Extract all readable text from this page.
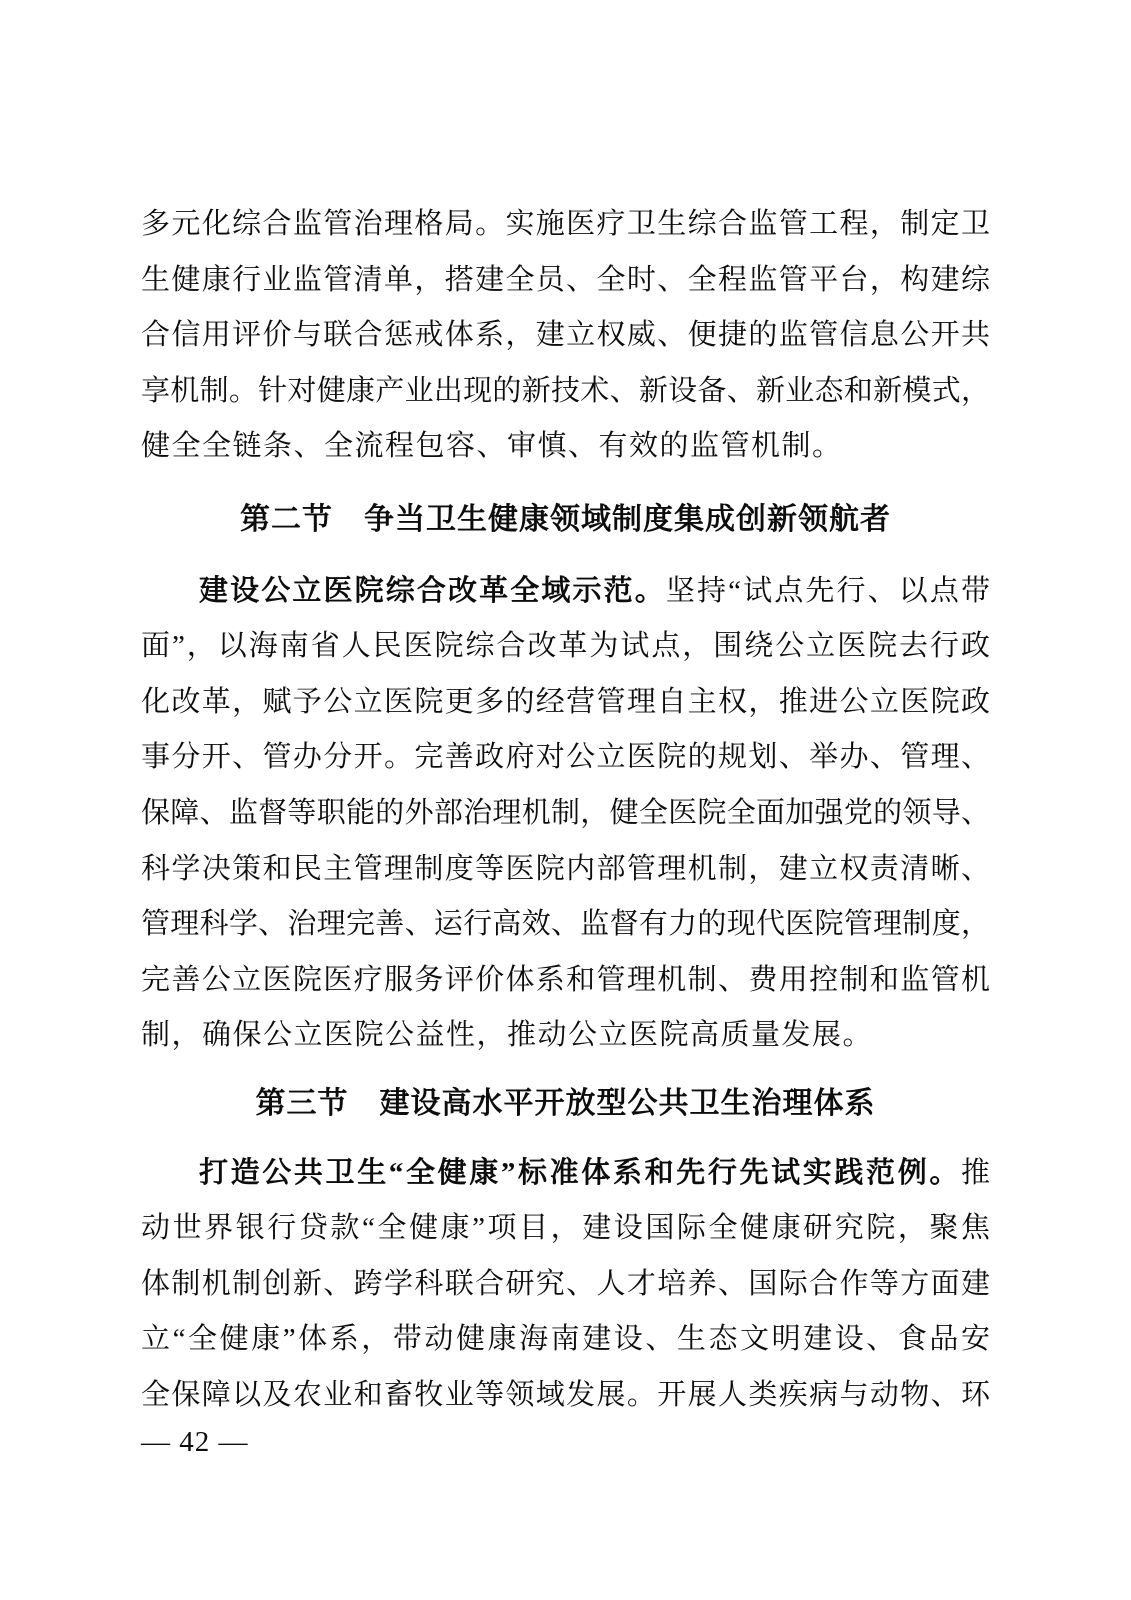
多元化综合监管治理格局。实施医疗卫生综合监管工程，制定卫
生健康行业监管清单，搭建全员、全时、全程监管平台，构建综
合信用评价与联合惩戒体系，建立权威、便捷的监管信息公开共
享机制。针对健康产业出现的新技术、新设备、新业态和新模式，
健全全链条、全流程包容、审慎、有效的监管机制。
第二节　争当卫生健康领域制度集成创新领航者
建设公立医院综合改革全域示范。坚持“试点先行、以点带
面”，以海南省人民医院综合改革为试点，围绕公立医院去行政
化改革，赋予公立医院更多的经营管理自主权，推进公立医院政
事分开、管办分开。完善政府对公立医院的规划、举办、管理、
保障、监督等职能的外部治理机制，健全医院全面加强党的领导、
科学决策和民主管理制度等医院内部管理机制，建立权责清晰、
管理科学、治理完善、运行高效、监督有力的现代医院管理制度，
完善公立医院医疗服务评价体系和管理机制、费用控制和监管机
制，确保公立医院公益性，推动公立医院高质量发展。
第三节　建设高水平开放型公共卫生治理体系
打造公共卫生“全健康”标准体系和先行先试实践范例。推
动世界银行贷款“全健康”项目，建设国际全健康研究院，聚焦
体制机制创新、跨学科联合研究、人才培养、国际合作等方面建
立“全健康”体系，带动健康海南建设、生态文明建设、食品安
全保障以及农业和畜牧业等领域发展。开展人类疾病与动物、环
— 42 —
